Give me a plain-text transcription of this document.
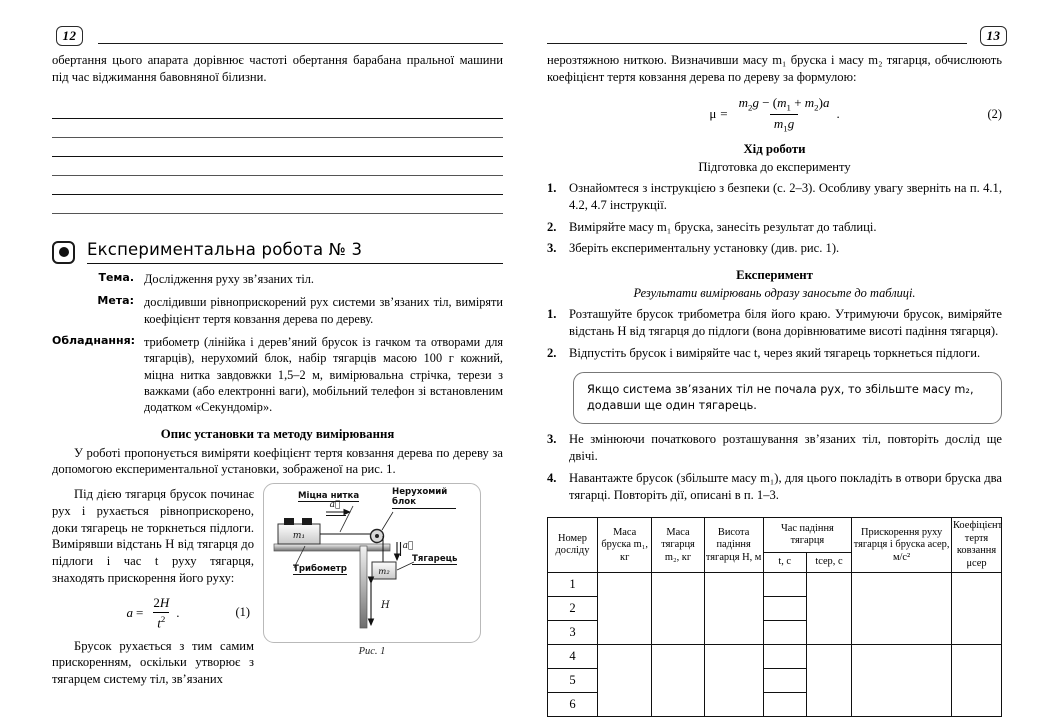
12
обертання цього апарата дорівнює частоті обертання барабана пральної машини під час віджимання бавовняної білизни.
Експериментальна робота № 3
Тема. Дослідження руху зв’язаних тіл.
Мета: дослідивши рівноприскорений рух системи зв’язаних тіл, виміряти коефіцієнт тертя ковзання дерева по дереву.
Обладнання: трибометр (лінійка і дерев’яний брусок із гачком та отворами для тягарців), нерухомий блок, набір тягарців масою 100 г кожний, міцна нитка завдовжки 1,5–2 м, вимірювальна стрічка, терези з важками (або електронні ваги), мобільний телефон зі встановленим додатком «Секундомір».
Опис установки та методу вимірювання
У роботі пропонується виміряти коефіцієнт тертя ковзання дерева по дереву за допомогою експериментальної установки, зображеної на рис. 1.
Під дією тягарця брусок починає рух і рухається рівноприскорено, доки тягарець не торкнеться підлоги. Вимірявши відстань H від тягарця до підлоги і час t руху тягарця, знаходять прискорення його руху:
$a = \frac{2H}{t^2}$ .	(1)
Брусок рухається з тим самим прискоренням, оскільки утворює з тягарцем систему тіл, зв’язаних
m₁
m₂
a⃗
a⃗
H
Міцна нитка	Нерухомий блок
Трибометр
Тягарець
Рис. 1
13
нерозтяжною ниткою. Визначивши масу m₁ бруска і масу m₂ тягарця, обчислюють коефіцієнт тертя ковзання дерева по дереву за формулою:
$\mu = \frac{m_2g - (m_1 + m_2)a}{m_1g}$ .	(2)
Хід роботи
Підготовка до експерименту
1. Ознайомтеся з інструкцією з безпеки (с. 2–3). Особливу увагу зверніть на п. 4.1, 4.2, 4.7 інструкції.
2. Виміряйте масу m₁ бруска, занесіть результат до таблиці.
3. Зберіть експериментальну установку (див. рис. 1).
Експеримент
Результати вимірювань одразу заносьте до таблиці.
1. Розташуйте брусок трибометра біля його краю. Утримуючи брусок, виміряйте відстань H від тягарця до підлоги (вона дорівнюватиме висоті падіння тягарця).
2. Відпустіть брусок і виміряйте час t, через який тягарець торкнеться підлоги.
Якщо система зв’язаних тіл не почала рух, то збільште масу m₂, додавши ще один тягарець.
3. Не змінюючи початкового розташування зв’язаних тіл, повторіть дослід ще двічі.
4. Навантажте брусок (збільште масу m₁), для цього покладіть в отвори бруска два тягарці. Повторіть дії, описані в п. 1–3.
Номер досліду	Маса бруска m₁, кг	Маса тягарця m₂, кг	Висота падіння тягарця H, м	Час падіння тягарця		Прискорення руху тягарця і бруска aсер, м/с²	Коефіцієнт тертя ковзання μсер
				t, с	tсер, с		
1							
2							
3							
4							
5							
6							
